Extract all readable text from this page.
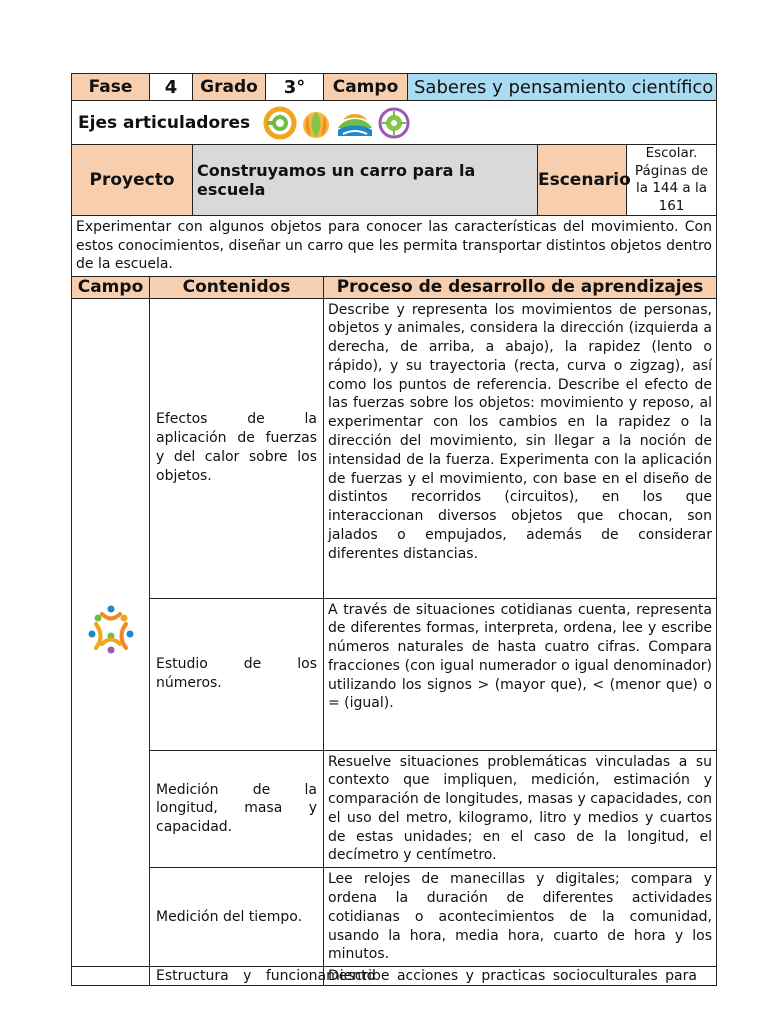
Fase	4	Grado	3°	Campo	Saberes y pensamiento científico		
Ejes articuladores							

Proyecto		Construyamos un carro para la escuela				Escenario	Escolar. Páginas de la 144 a la 161
Experimentar con algunos objetos para conocer las características del movimiento. Con estos conocimientos, diseñar un carro que les permita transportar distintos objetos dentro de la escuela.							
Campo	Contenidos			Proceso de desarrollo de aprendizajes			
	Efectos de la aplicación de fuerzas y del calor sobre los objetos.			Describe y representa los movimientos de personas, objetos y animales, considera la dirección (izquierda a derecha, de arriba, a abajo), la rapidez (lento o rápido), y su trayectoria (recta, curva o zigzag), así como los puntos de referencia. Describe el efecto de las fuerzas sobre los objetos: movimiento y reposo, al experimentar con los cambios en la rapidez o la dirección del movimiento, sin llegar a la noción de intensidad de la fuerza. Experimenta con la aplicación de fuerzas y el movimiento, con base en el diseño de distintos recorridos (circuitos), en los que interaccionan diversos objetos que chocan, son jalados o empujados, además de considerar diferentes distancias.			
	Estudio de los números.			A través de situaciones cotidianas cuenta, representa de diferentes formas, interpreta, ordena, lee y escribe números naturales de hasta cuatro cifras. Compara fracciones (con igual numerador o igual denominador) utilizando los signos > (mayor que), < (menor que) o = (igual).			
	Medición de la longitud, masa y capacidad.			Resuelve situaciones problemáticas vinculadas a su contexto que impliquen, medición, estimación y comparación de longitudes, masas y capacidades, con el uso del metro, kilogramo, litro y medios y cuartos de estas unidades; en el caso de la longitud, el decímetro y centímetro.			
	Medición del tiempo.			Lee relojes de manecillas y digitales; compara y ordena la duración de diferentes actividades cotidianas o acontecimientos de la comunidad, usando la hora, media hora, cuarto de hora y los minutos.			
	Estructura y funcionamiento			Describe acciones y practicas socioculturales para			
